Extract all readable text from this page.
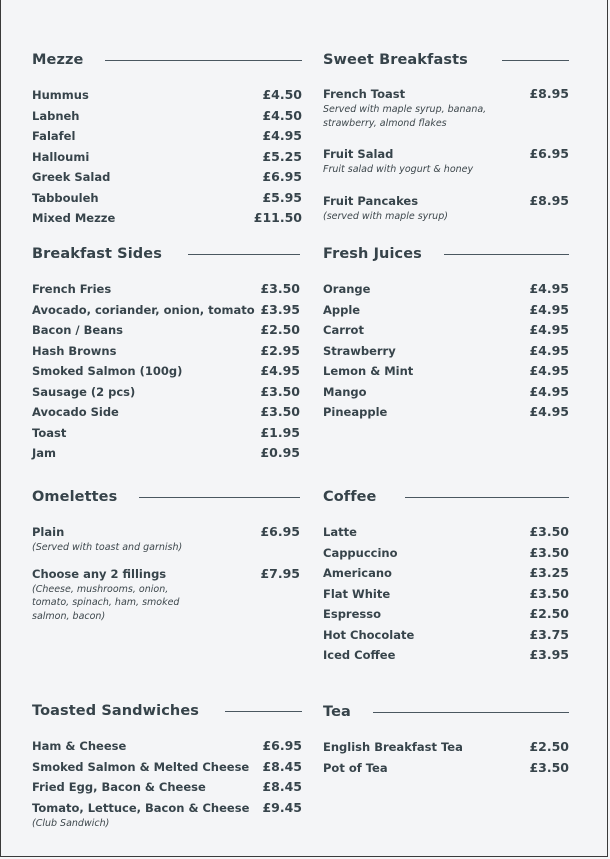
Mezze
Hummus	£4.50
Labneh	£4.50
Falafel	£4.95
Halloumi	£5.25
Greek Salad	£6.95
Tabbouleh	£5.95
Mixed Mezze	£11.50
Sweet Breakfasts
French Toast	£8.95
Served with maple syrup, banana, strawberry, almond flakes
Fruit Salad	£6.95
Fruit salad with yogurt & honey
Fruit Pancakes	£8.95
(served with maple syrup)
Breakfast Sides
French Fries	£3.50
Avocado, coriander, onion, tomato £3.95
Bacon / Beans	£2.50
Hash Browns	£2.95
Smoked Salmon (100g)	£4.95
Sausage (2 pcs)	£3.50
Avocado Side	£3.50
Toast	£1.95
Jam	£0.95
Fresh Juices
Orange	£4.95
Apple	£4.95
Carrot	£4.95
Strawberry	£4.95
Lemon & Mint	£4.95
Mango	£4.95
Pineapple	£4.95
Omelettes
Plain	£6.95
(Served with toast and garnish)
Choose any 2 fillings	£7.95
(Cheese, mushrooms, onion, tomato, spinach, ham, smoked salmon, bacon)
Coffee
Latte	£3.50
Cappuccino	£3.50
Americano	£3.25
Flat White	£3.50
Espresso	£2.50
Hot Chocolate	£3.75
Iced Coffee	£3.95
Toasted Sandwiches
Ham & Cheese	£6.95
Smoked Salmon & Melted Cheese £8.45
Fried Egg, Bacon & Cheese	£8.45
Tomato, Lettuce, Bacon & Cheese £9.45
(Club Sandwich)
Tea
English Breakfast Tea	£2.50
Pot of Tea	£3.50
